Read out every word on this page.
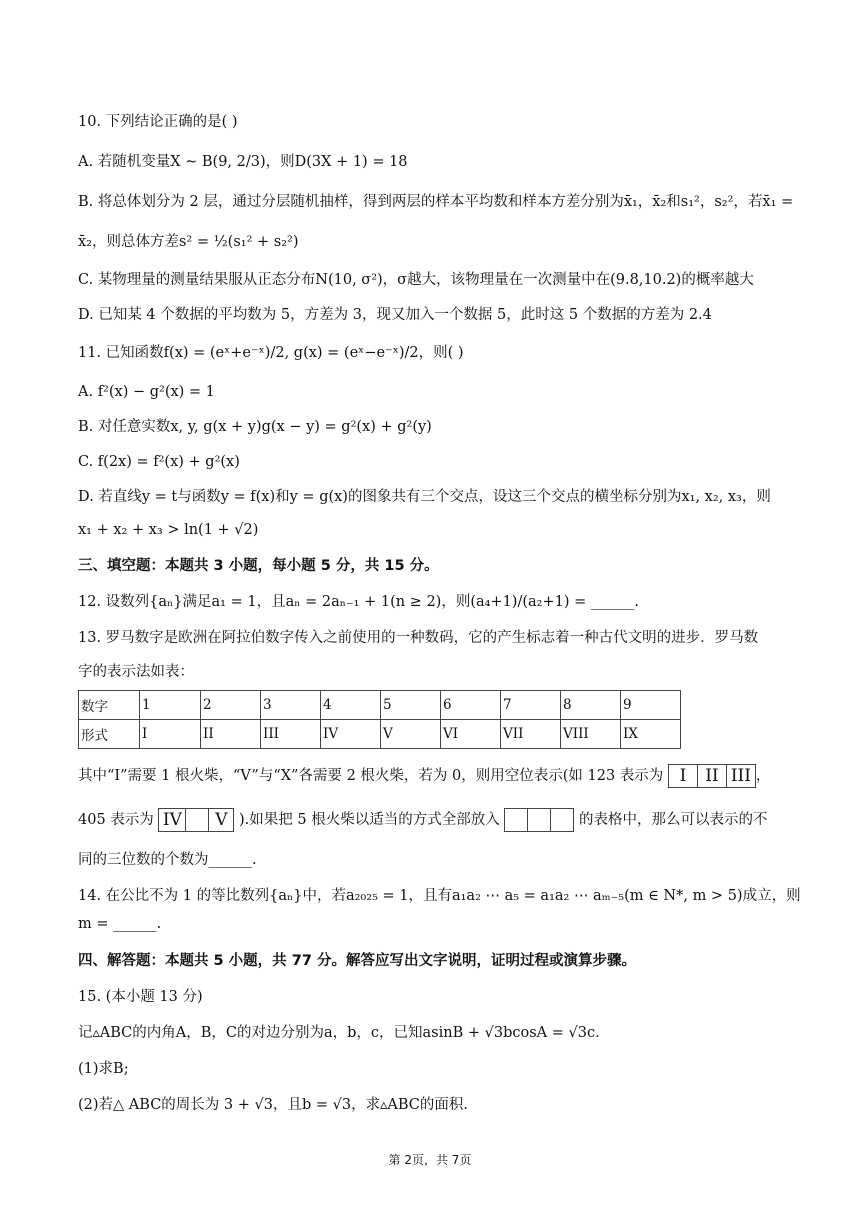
10. 下列结论正确的是( )
A. 若随机变量X ~ B(9, 2/3)，则D(3X + 1) = 18
B. 将总体划分为 2 层，通过分层随机抽样，得到两层的样本平均数和样本方差分别为x̄₁，x̄₂和s₁²，s₂²，若x̄₁ =
x̄₂，则总体方差s² = ½(s₁² + s₂²)
C. 某物理量的测量结果服从正态分布N(10, σ²)，σ越大，该物理量在一次测量中在(9.8,10.2)的概率越大
D. 已知某 4 个数据的平均数为 5，方差为 3，现又加入一个数据 5，此时这 5 个数据的方差为 2.4
11. 已知函数f(x) = (eˣ+e⁻ˣ)/2, g(x) = (eˣ−e⁻ˣ)/2，则( )
A. f²(x) − g²(x) = 1
B. 对任意实数x, y, g(x + y)g(x − y) = g²(x) + g²(y)
C. f(2x) = f²(x) + g²(x)
D. 若直线y = t与函数y = f(x)和y = g(x)的图象共有三个交点，设这三个交点的横坐标分别为x₁, x₂, x₃，则
x₁ + x₂ + x₃ > ln(1 + √2)
三、填空题：本题共 3 小题，每小题 5 分，共 15 分。
12. 设数列{aₙ}满足a₁ = 1，且aₙ = 2aₙ₋₁ + 1(n ≥ 2)，则(a₄+1)/(a₂+1) = ______.
13. 罗马数字是欧洲在阿拉伯数字传入之前使用的一种数码，它的产生标志着一种古代文明的进步．罗马数
字的表示法如表：
数字	1	2	3	4	5	6	7	8	9
形式	I	II	III	IV	V	VI	VII	VIII	IX
其中“I”需要 1 根火柴，“V”与“X”各需要 2 根火柴，若为 0，则用空位表示(如 123 表示为 I II III ，
405 表示为 IV V ).如果把 5 根火柴以适当的方式全部放入	的表格中，那么可以表示的不
同的三位数的个数为______.
14. 在公比不为 1 的等比数列{aₙ}中，若a₂₀₂₅ = 1，且有a₁a₂ ⋯ a₅ = a₁a₂ ⋯ aₘ₋₅(m ∈ N*, m > 5)成立，则
m = ______.
四、解答题：本题共 5 小题，共 77 分。解答应写出文字说明，证明过程或演算步骤。
15. (本小题 13 分)
记▵ABC的内角A，B，C的对边分别为a，b，c，已知asinB + √3bcosA = √3c.
(1)求B;
(2)若△ ABC的周长为 3 + √3，且b = √3，求▵ABC的面积.
第 2页，共 7页
